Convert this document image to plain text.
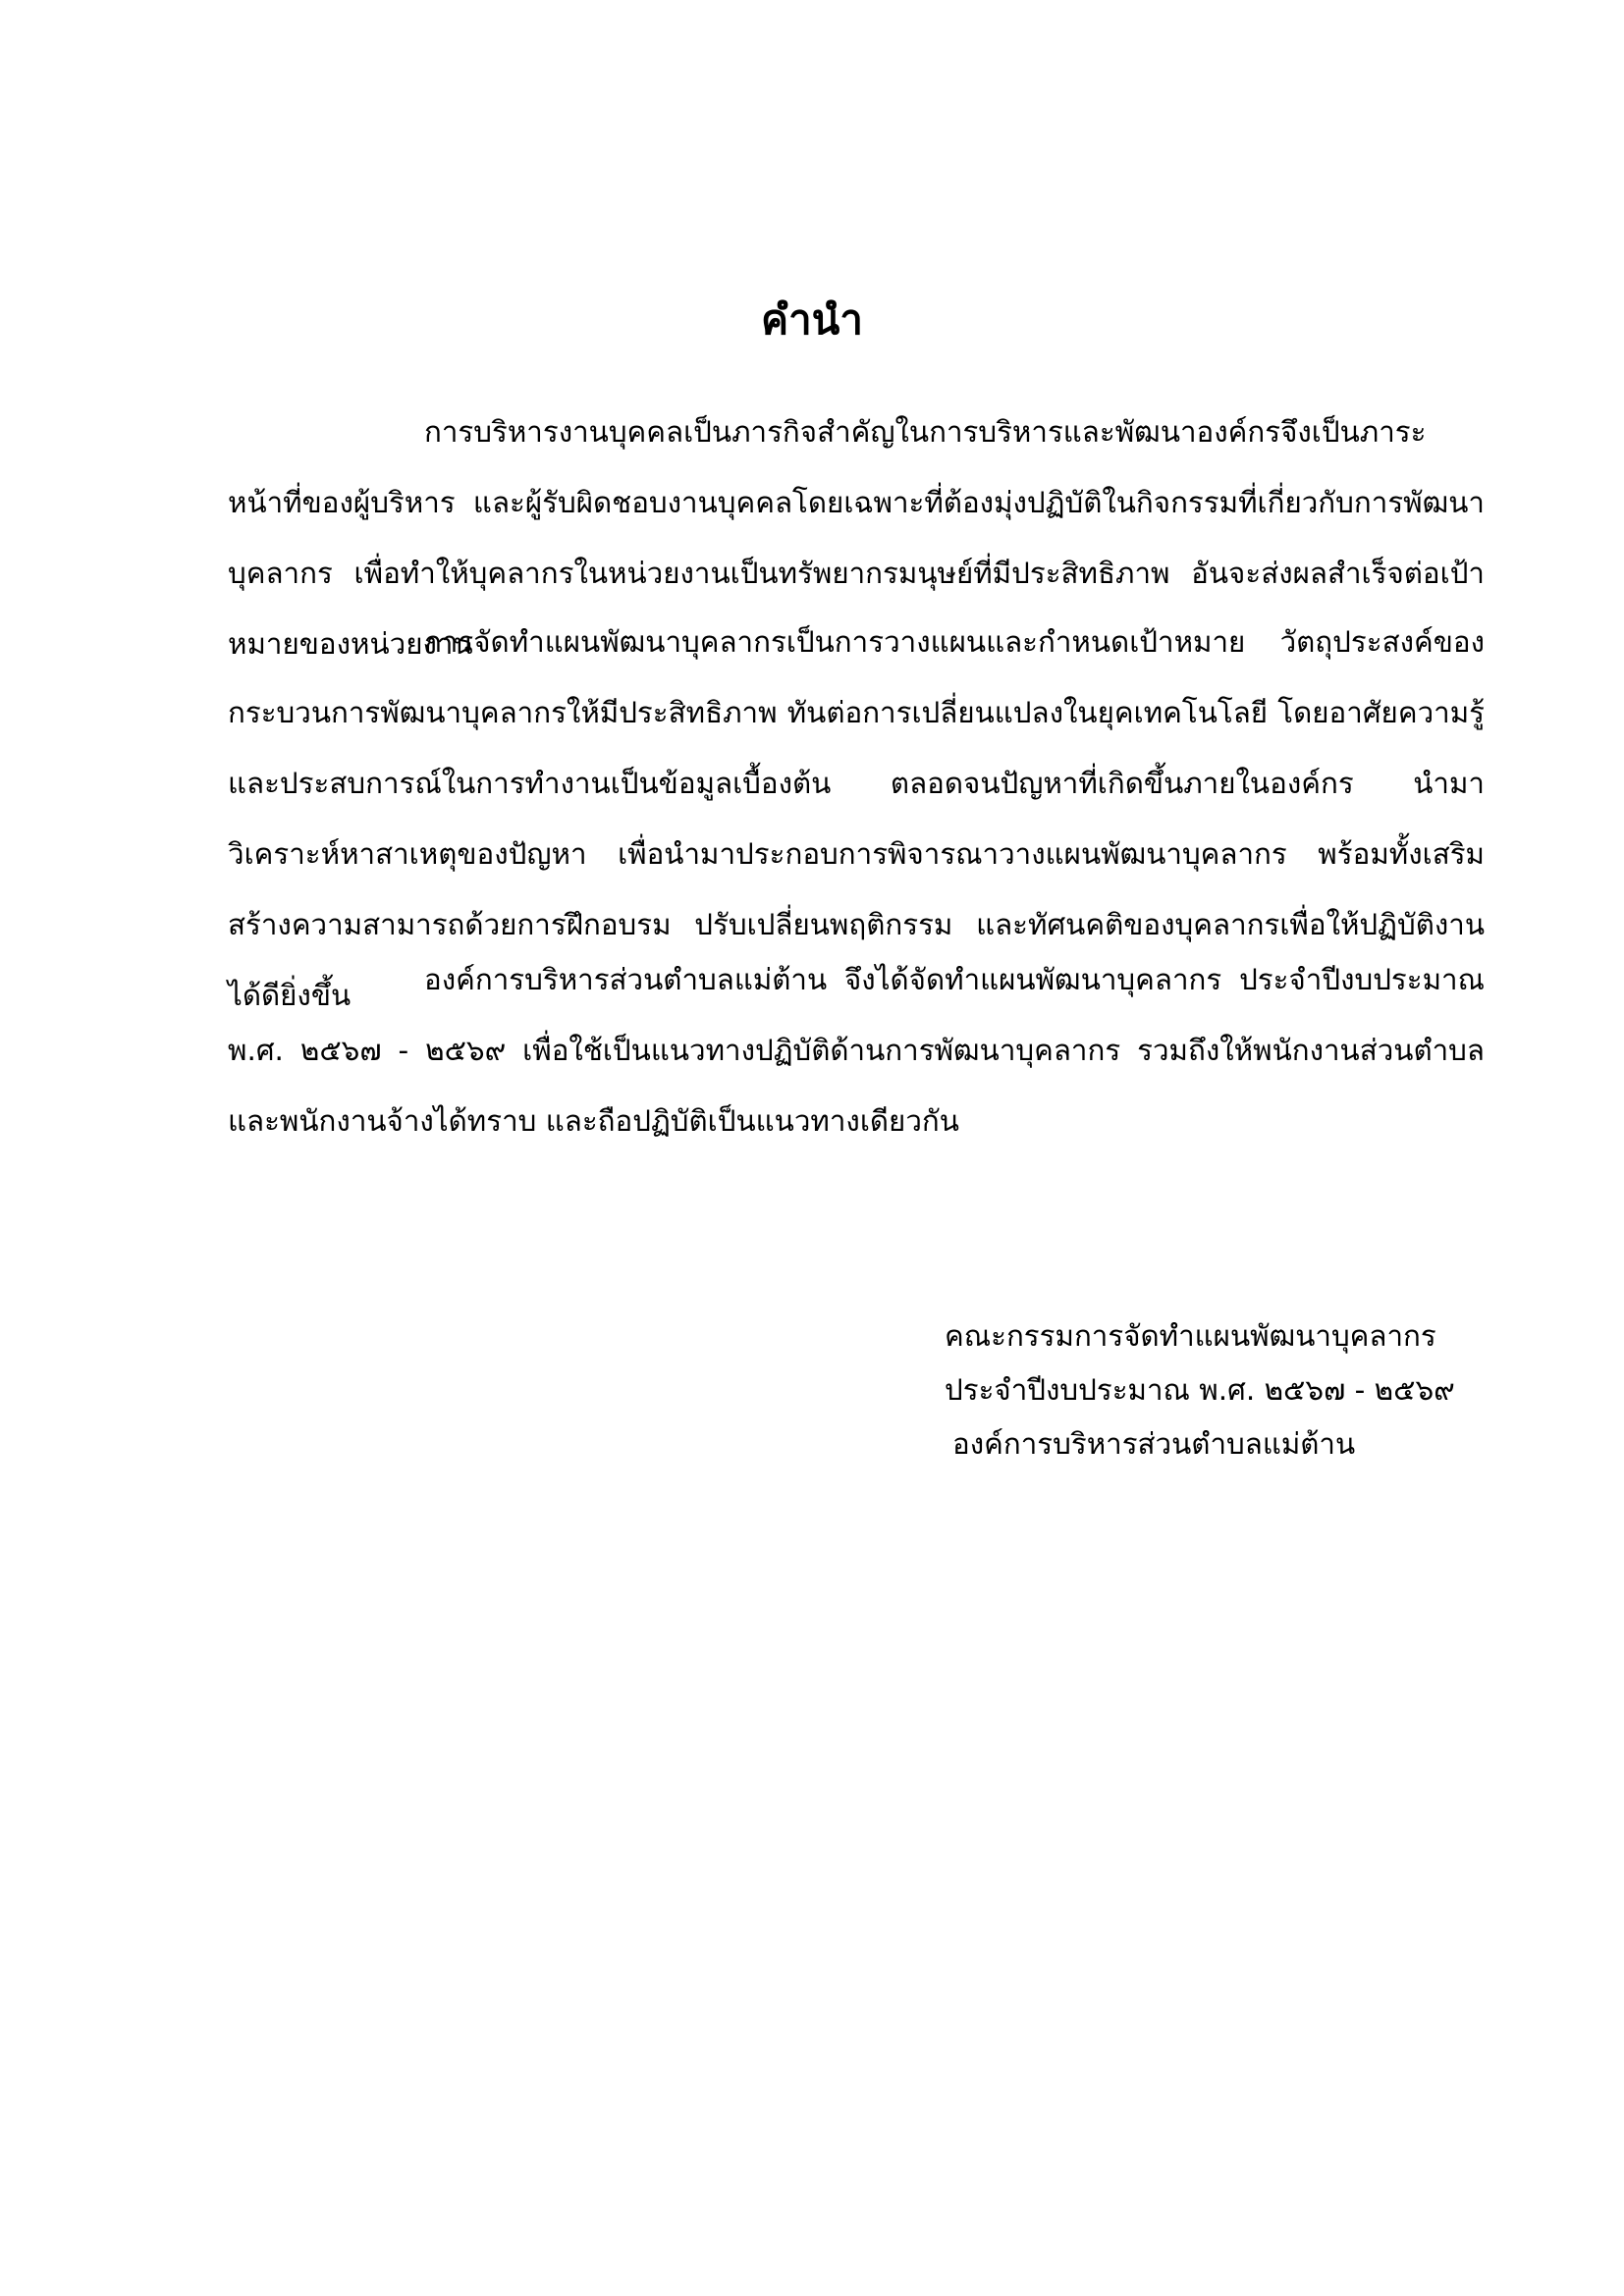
คำนำ

การบริหารงานบุคคลเป็นภารกิจสำคัญในการบริหารและพัฒนาองค์กรจึงเป็นภาระหน้าที่ของผู้บริหาร และผู้รับผิดชอบงานบุคคลโดยเฉพาะที่ต้องมุ่งปฏิบัติในกิจกรรมที่เกี่ยวกับการพัฒนาบุคลากร เพื่อทำให้บุคลากรในหน่วยงานเป็นทรัพยากรมนุษย์ที่มีประสิทธิภาพ อันจะส่งผลสำเร็จต่อเป้าหมายของหน่วยงาน

การจัดทำแผนพัฒนาบุคลากรเป็นการวางแผนและกำหนดเป้าหมาย วัตถุประสงค์ของกระบวนการพัฒนาบุคลากรให้มีประสิทธิภาพ ทันต่อการเปลี่ยนแปลงในยุคเทคโนโลยี โดยอาศัยความรู้และประสบการณ์ในการทำงานเป็นข้อมูลเบื้องต้น ตลอดจนปัญหาที่เกิดขึ้นภายในองค์กร นำมาวิเคราะห์หาสาเหตุของปัญหา เพื่อนำมาประกอบการพิจารณาวางแผนพัฒนาบุคลากร พร้อมทั้งเสริมสร้างความสามารถด้วยการฝึกอบรม ปรับเปลี่ยนพฤติกรรม และทัศนคติของบุคลากรเพื่อให้ปฏิบัติงานได้ดียิ่งขึ้น	องค์การบริหารส่วนตำบลแม่ต้าน จึงได้จัดทำแผนพัฒนาบุคลากร ประจำปีงบประมาณ พ.ศ. ๒๕๖๗ - ๒๕๖๙ เพื่อใช้เป็นแนวทางปฏิบัติด้านการพัฒนาบุคลากร รวมถึงให้พนักงานส่วนตำบล และพนักงานจ้างได้ทราบ และถือปฏิบัติเป็นแนวทางเดียวกัน

คณะกรรมการจัดทำแผนพัฒนาบุคลากร
ประจำปีงบประมาณ พ.ศ. ๒๕๖๗ - ๒๕๖๙
องค์การบริหารส่วนตำบลแม่ต้าน
